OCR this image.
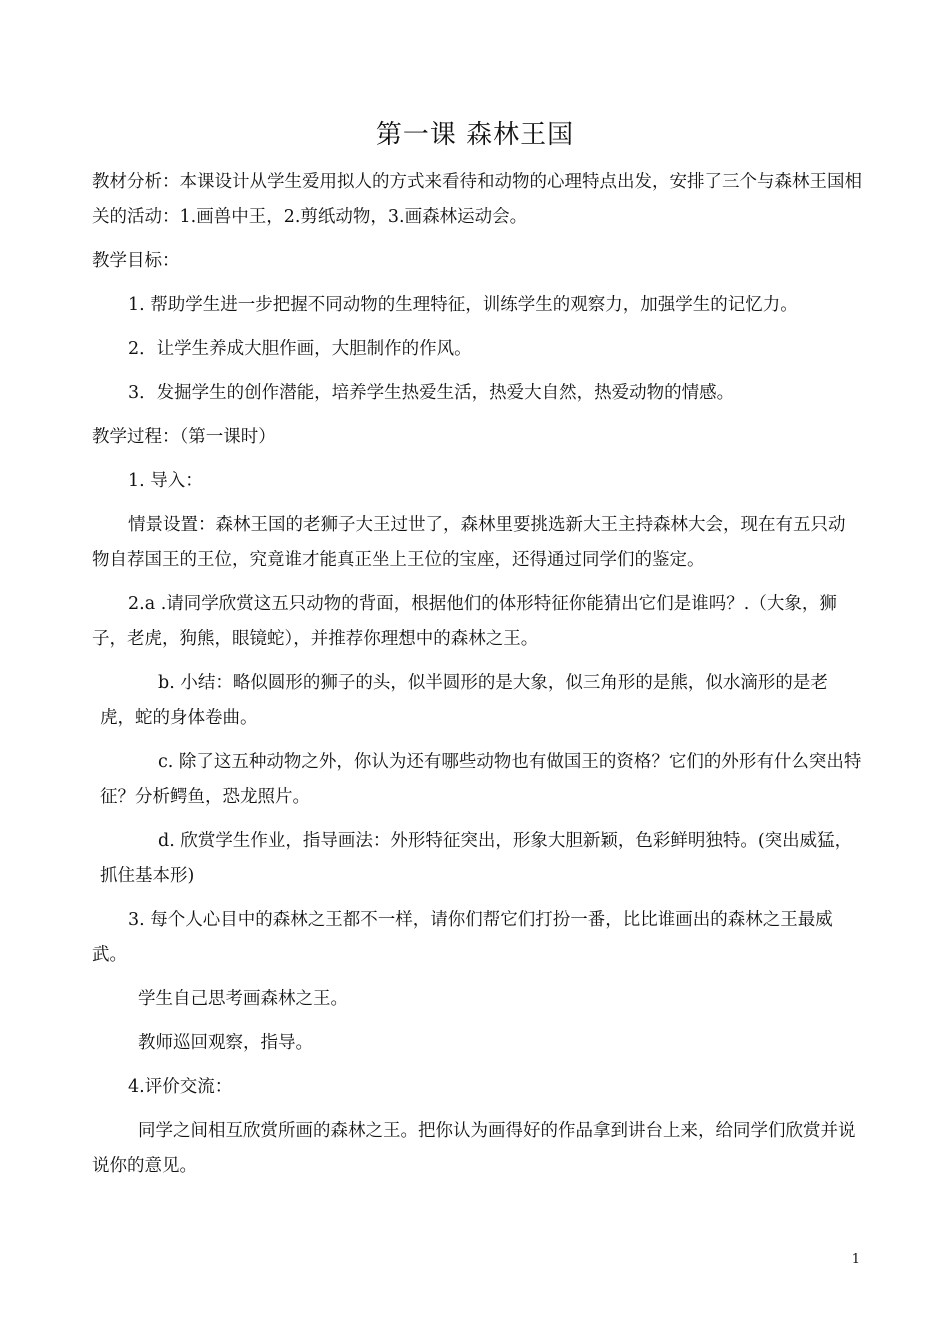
第一课 森林王国

教材分析：本课设计从学生爱用拟人的方式来看待和动物的心理特点出发，安排了三个与森林王国相关的活动：1.画兽中王，2.剪纸动物，3.画森林运动会。

教学目标：

1. 帮助学生进一步把握不同动物的生理特征，训练学生的观察力，加强学生的记忆力。

2．让学生养成大胆作画，大胆制作的作风。

3．发掘学生的创作潜能，培养学生热爱生活，热爱大自然，热爱动物的情感。

教学过程：（第一课时）

1. 导入：

情景设置：森林王国的老狮子大王过世了，森林里要挑选新大王主持森林大会，现在有五只动物自荐国王的王位，究竟谁才能真正坐上王位的宝座，还得通过同学们的鉴定。

2.a .请同学欣赏这五只动物的背面，根据他们的体形特征你能猜出它们是谁吗？.（大象，狮子，老虎，狗熊，眼镜蛇），并推荐你理想中的森林之王。

b. 小结：略似圆形的狮子的头，似半圆形的是大象，似三角形的是熊，似水滴形的是老虎，蛇的身体卷曲。

c. 除了这五种动物之外，你认为还有哪些动物也有做国王的资格？它们的外形有什么突出特征？分析鳄鱼，恐龙照片。

d. 欣赏学生作业，指导画法：外形特征突出，形象大胆新颖，色彩鲜明独特。(突出威猛，抓住基本形)

3. 每个人心目中的森林之王都不一样，请你们帮它们打扮一番，比比谁画出的森林之王最威武。

学生自己思考画森林之王。

教师巡回观察，指导。

4.评价交流：

同学之间相互欣赏所画的森林之王。把你认为画得好的作品拿到讲台上来，给同学们欣赏并说说你的意见。

1
